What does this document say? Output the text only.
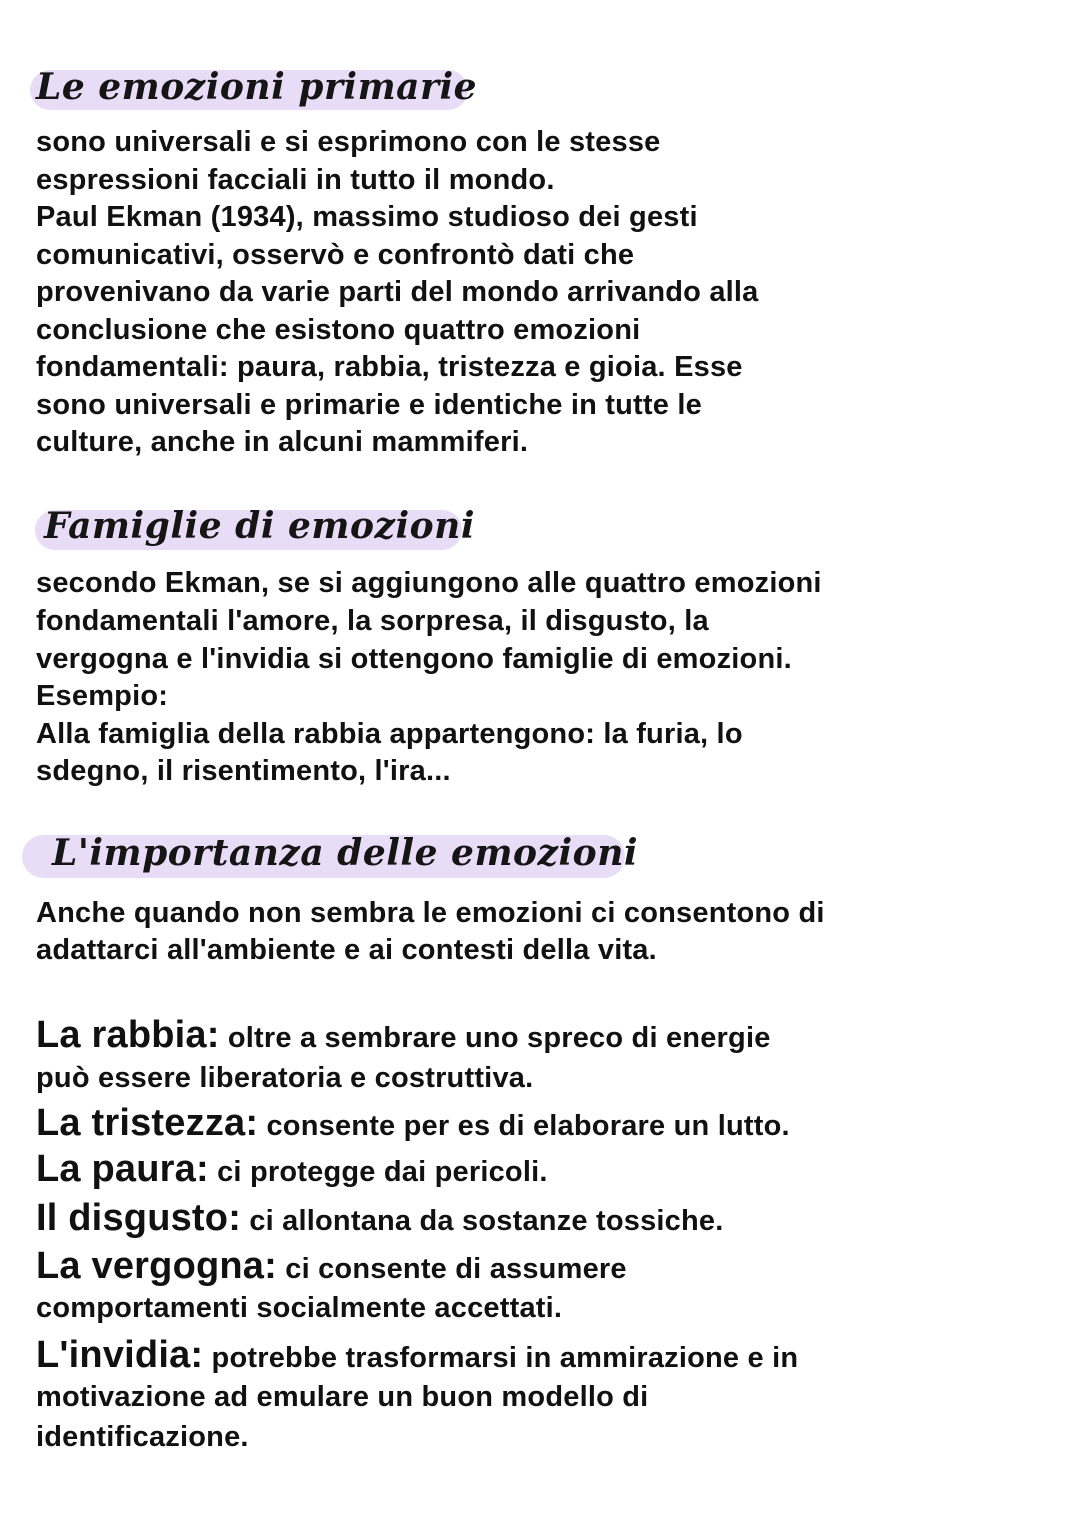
Le emozioni primarie
sono universali e si esprimono con le stesse
espressioni facciali in tutto il mondo.
Paul Ekman (1934), massimo studioso dei gesti
comunicativi, osservò e confrontò dati che
provenivano da varie parti del mondo arrivando alla
conclusione che esistono quattro emozioni
fondamentali: paura, rabbia, tristezza e gioia. Esse
sono universali e primarie e identiche in tutte le
culture, anche in alcuni mammiferi.
Famiglie di emozioni
secondo Ekman, se si aggiungono alle quattro emozioni
fondamentali l'amore, la sorpresa, il disgusto, la
vergogna e l'invidia si ottengono famiglie di emozioni.
Esempio:
Alla famiglia della rabbia appartengono: la furia, lo
sdegno, il risentimento, l'ira...
L'importanza delle emozioni
Anche quando non sembra le emozioni ci consentono di
adattarci all'ambiente e ai contesti della vita.
La rabbia: oltre a sembrare uno spreco di energie
può essere liberatoria e costruttiva.
La tristezza: consente per es di elaborare un lutto.
La paura: ci protegge dai pericoli.
Il disgusto: ci allontana da sostanze tossiche.
La vergogna: ci consente di assumere
comportamenti socialmente accettati.
L'invidia: potrebbe trasformarsi in ammirazione e in
motivazione ad emulare un buon modello di
identificazione.
